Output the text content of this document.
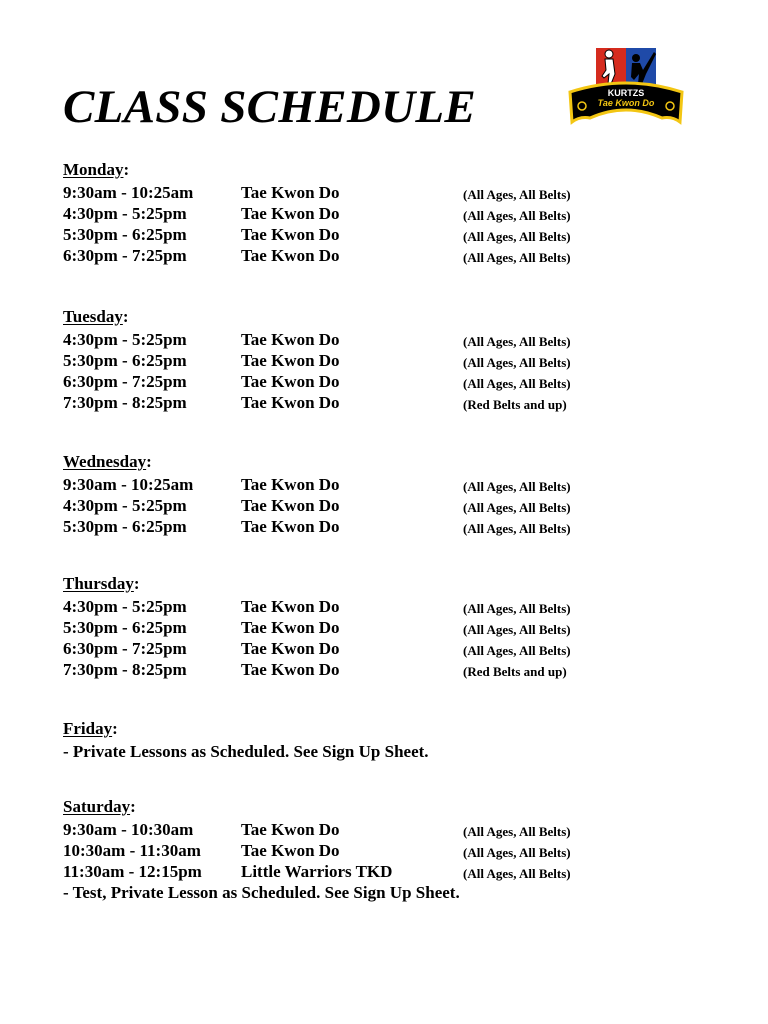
CLASS SCHEDULE	KURTZS
Tae Kwon Do
Monday:
9:30am - 10:25am	Tae Kwon Do	(All Ages, All Belts)
4:30pm - 5:25pm	Tae Kwon Do	(All Ages, All Belts)
5:30pm - 6:25pm	Tae Kwon Do	(All Ages, All Belts)
6:30pm - 7:25pm	Tae Kwon Do	(All Ages, All Belts)
Tuesday:
4:30pm - 5:25pm	Tae Kwon Do	(All Ages, All Belts)
5:30pm - 6:25pm	Tae Kwon Do	(All Ages, All Belts)
6:30pm - 7:25pm	Tae Kwon Do	(All Ages, All Belts)
7:30pm - 8:25pm	Tae Kwon Do	(Red Belts and up)
Wednesday:
9:30am - 10:25am	Tae Kwon Do	(All Ages, All Belts)
4:30pm - 5:25pm	Tae Kwon Do	(All Ages, All Belts)
5:30pm - 6:25pm	Tae Kwon Do	(All Ages, All Belts)
Thursday:
4:30pm - 5:25pm	Tae Kwon Do	(All Ages, All Belts)
5:30pm - 6:25pm	Tae Kwon Do	(All Ages, All Belts)
6:30pm - 7:25pm	Tae Kwon Do	(All Ages, All Belts)
7:30pm - 8:25pm	Tae Kwon Do	(Red Belts and up)
Friday:
- Private Lessons as Scheduled. See Sign Up Sheet.
Saturday:
9:30am - 10:30am	Tae Kwon Do	(All Ages, All Belts)
10:30am - 11:30am Tae Kwon Do	(All Ages, All Belts)
11:30am - 12:15pm Little Warriors TKD	(All Ages, All Belts)
- Test, Private Lesson as Scheduled. See Sign Up Sheet.
